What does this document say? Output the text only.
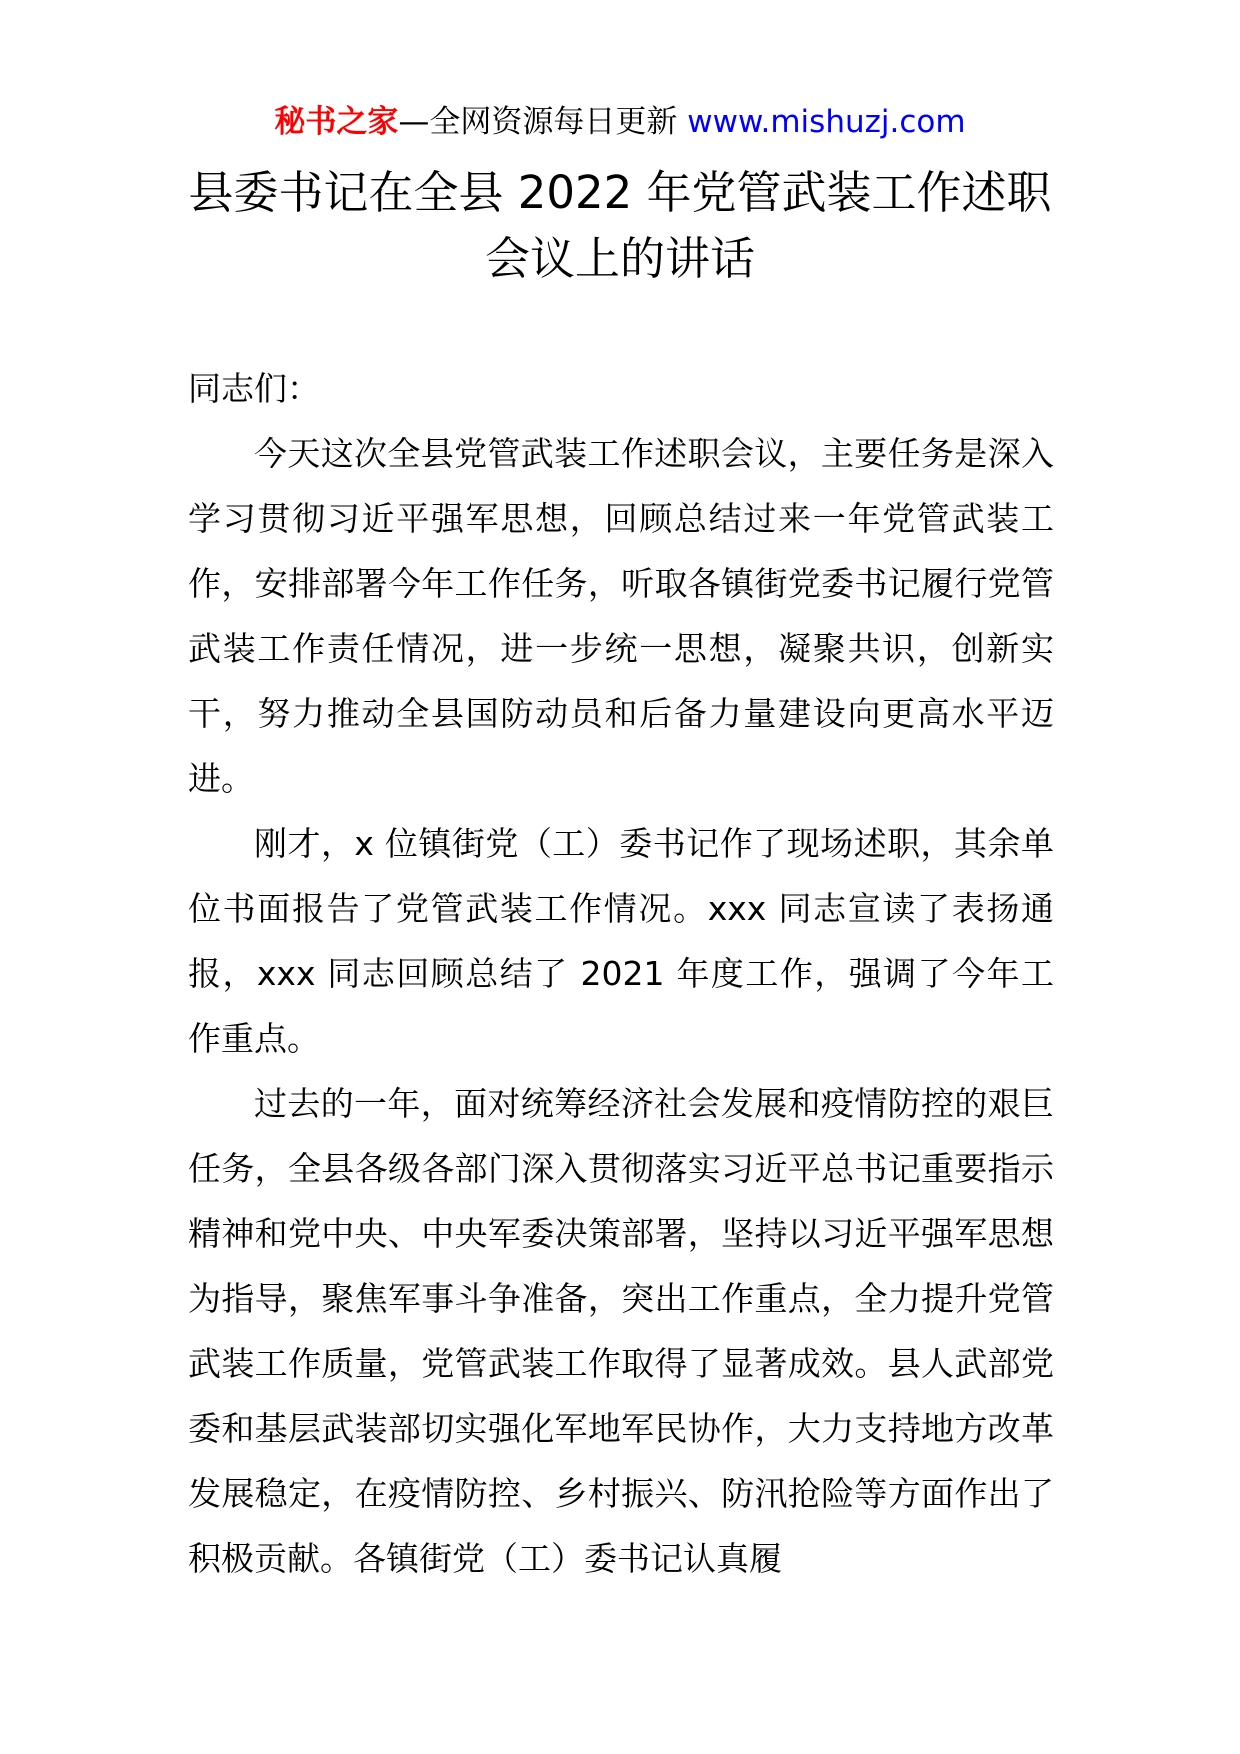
秘书之家—全网资源每日更新 www.mishuzj.com
县委书记在全县 2022 年党管武装工作述职
会议上的讲话

同志们：

今天这次全县党管武装工作述职会议，主要任务是深入学习贯彻习近平强军思想，回顾总结过来一年党管武装工作，安排部署今年工作任务，听取各镇街党委书记履行党管武装工作责任情况，进一步统一思想，凝聚共识，创新实干，努力推动全县国防动员和后备力量建设向更高水平迈进。

刚才，x 位镇街党（工）委书记作了现场述职，其余单位书面报告了党管武装工作情况。xxx 同志宣读了表扬通报，xxx 同志回顾总结了 2021 年度工作，强调了今年工作重点。

过去的一年，面对统筹经济社会发展和疫情防控的艰巨任务，全县各级各部门深入贯彻落实习近平总书记重要指示精神和党中央、中央军委决策部署，坚持以习近平强军思想为指导，聚焦军事斗争准备，突出工作重点，全力提升党管武装工作质量，党管武装工作取得了显著成效。县人武部党委和基层武装部切实强化军地军民协作，大力支持地方改革发展稳定，在疫情防控、乡村振兴、防汛抢险等方面作出了积极贡献。各镇街党（工）委书记认真履
